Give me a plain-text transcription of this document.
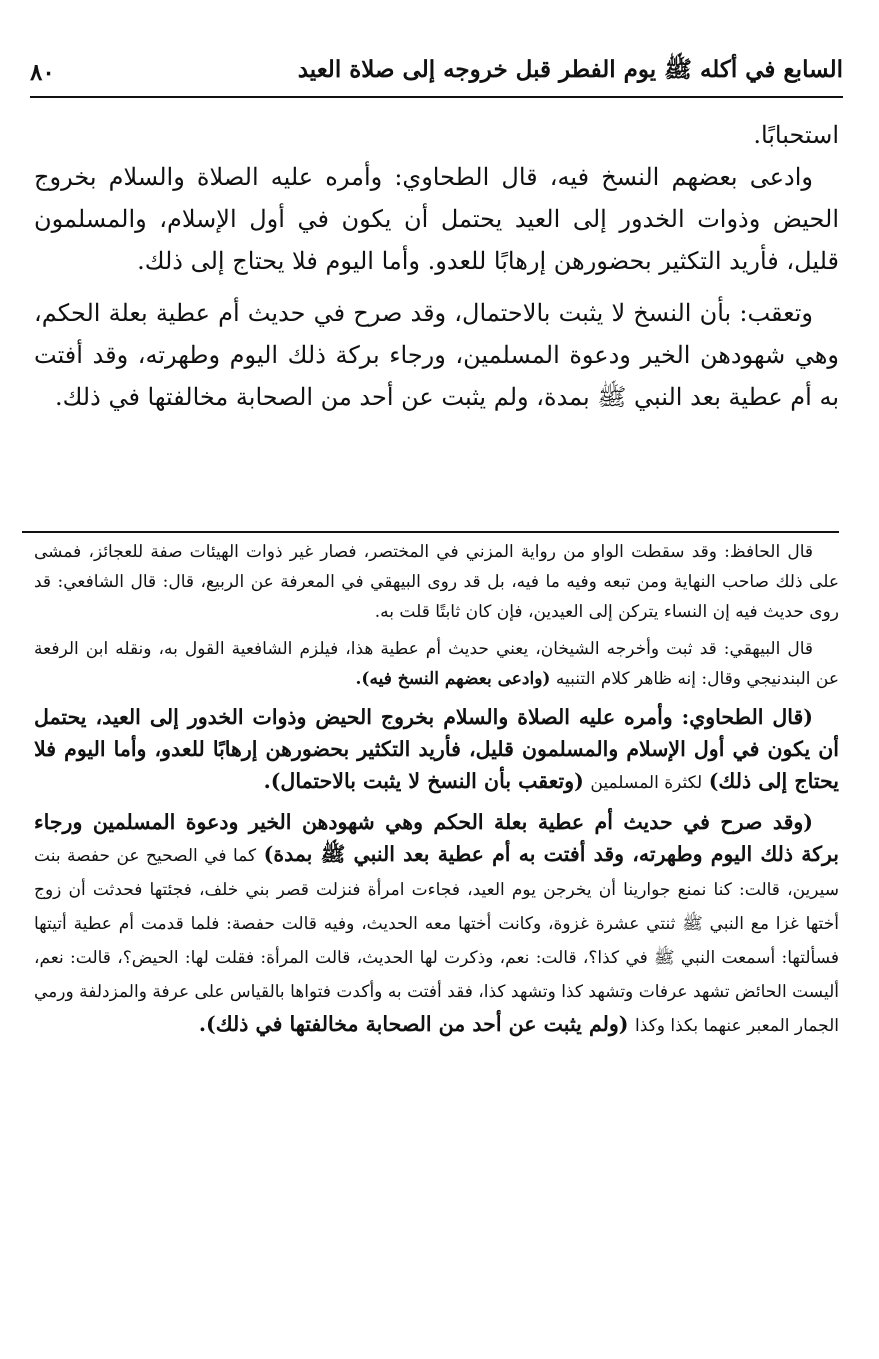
السابع في أكله ﷺ يوم الفطر قبل خروجه إلى صلاة العيد
٨٠

استحبابًا.

وادعى بعضهم النسخ فيه، قال الطحاوي: وأمره عليه الصلاة والسلام بخروج الحيض وذوات الخدور إلى العيد يحتمل أن يكون في أول الإسلام، والمسلمون قليل، فأريد التكثير بحضورهن إرهابًا للعدو. وأما اليوم فلا يحتاج إلى ذلك.

وتعقب: بأن النسخ لا يثبت بالاحتمال، وقد صرح في حديث أم عطية بعلة الحكم، وهي شهودهن الخير ودعوة المسلمين، ورجاء بركة ذلك اليوم وطهرته، وقد أفتت به أم عطية بعد النبي ﷺ بمدة، ولم يثبت عن أحد من الصحابة مخالفتها في ذلك.

قال الحافظ: وقد سقطت الواو من رواية المزني في المختصر، فصار غير ذوات الهيئات صفة للعجائز، فمشى على ذلك صاحب النهاية ومن تبعه وفيه ما فيه، بل قد روى البيهقي في المعرفة عن الربيع، قال: قال الشافعي: قد روى حديث فيه إن النساء يتركن إلى العيدين، فإن كان ثابتًا قلت به.

قال البيهقي: قد ثبت وأخرجه الشيخان، يعني حديث أم عطية هذا، فيلزم الشافعية القول به، ونقله ابن الرفعة عن البندنيجي وقال: إنه ظاهر كلام التنبيه (وادعى بعضهم النسخ فيه).

(قال الطحاوي: وأمره عليه الصلاة والسلام بخروج الحيض وذوات الخدور إلى العيد، يحتمل أن يكون في أول الإسلام والمسلمون قليل، فأريد التكثير بحضورهن إرهابًا للعدو، وأما اليوم فلا يحتاج إلى ذلك) لكثرة المسلمين (وتعقب بأن النسخ لا يثبت بالاحتمال).

(وقد صرح في حديث أم عطية بعلة الحكم وهي شهودهن الخير ودعوة المسلمين ورجاء بركة ذلك اليوم وطهرته، وقد أفتت به أم عطية بعد النبي ﷺ بمدة) كما في الصحيح عن حفصة بنت سيرين، قالت: كنا نمنع جوارينا أن يخرجن يوم العيد، فجاءت امرأة فنزلت قصر بني خلف، فجئتها فحدثت أن زوج أختها غزا مع النبي ﷺ ثنتي عشرة غزوة، وكانت أختها معه الحديث، وفيه قالت حفصة: فلما قدمت أم عطية أتيتها فسألتها: أسمعت النبي ﷺ في كذا؟، قالت: نعم، وذكرت لها الحديث، قالت المرأة: فقلت لها: الحيض؟، قالت: نعم، أليست الحائض تشهد عرفات وتشهد كذا وتشهد كذا، فقد أفتت به وأكدت فتواها بالقياس على عرفة والمزدلفة ورمي الجمار المعبر عنهما بكذا وكذا (ولم يثبت عن أحد من الصحابة مخالفتها في ذلك).
